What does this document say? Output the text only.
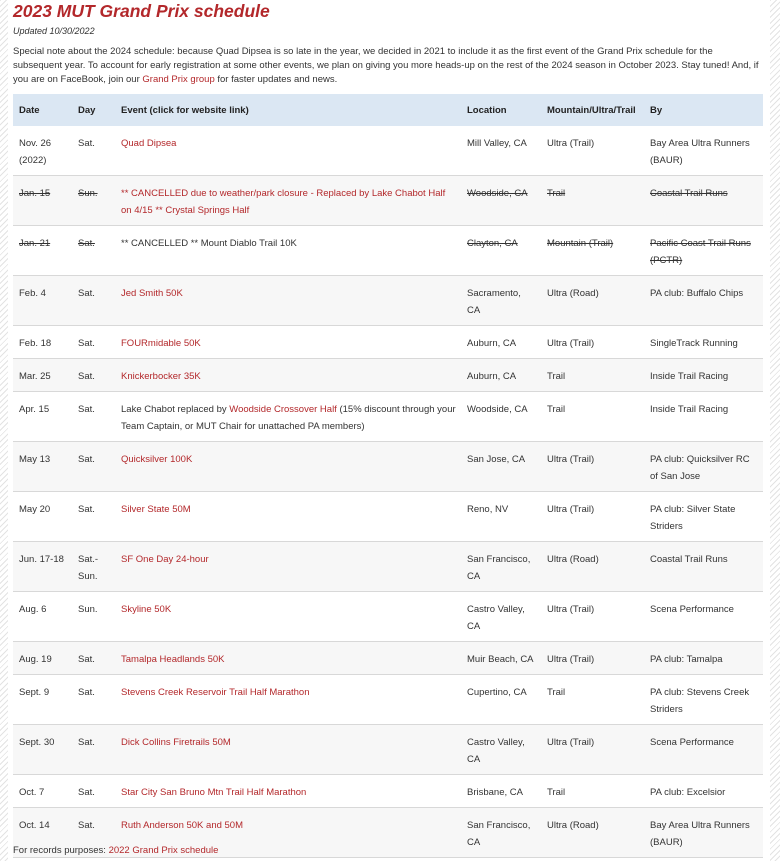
2023 MUT Grand Prix schedule
Updated 10/30/2022
Special note about the 2024 schedule: because Quad Dipsea is so late in the year, we decided in 2021 to include it as the first event of the Grand Prix schedule for the subsequent year. To account for early registration at some other events, we plan on giving you more heads-up on the rest of the 2024 season in October 2023. Stay tuned! And, if you are on FaceBook, join our Grand Prix group for faster updates and news.
Date	Day	Event (click for website link)	Location	Mountain/Ultra/Trail	By
Nov. 26 (2022)	Sat.	Quad Dipsea	Mill Valley, CA	Ultra (Trail)	Bay Area Ultra Runners (BAUR)
Jan. 15	Sun.	** CANCELLED due to weather/park closure - Replaced by Lake Chabot Half on 4/15 ** Crystal Springs Half	Woodside, CA	Trail	Coastal Trail Runs
Jan. 21	Sat.	** CANCELLED ** Mount Diablo Trail 10K	Clayton, CA	Mountain (Trail)	Pacific Coast Trail Runs (PCTR)
Feb. 4	Sat.	Jed Smith 50K	Sacramento, CA	Ultra (Road)	PA club: Buffalo Chips
Feb. 18	Sat.	FOURmidable 50K	Auburn, CA	Ultra (Trail)	SingleTrack Running
Mar. 25	Sat.	Knickerbocker 35K	Auburn, CA	Trail	Inside Trail Racing
Apr. 15	Sat.	Lake Chabot replaced by Woodside Crossover Half (15% discount through your Team Captain, or MUT Chair for unattached PA members)	Woodside, CA	Trail	Inside Trail Racing
May 13	Sat.	Quicksilver 100K	San Jose, CA	Ultra (Trail)	PA club: Quicksilver RC of San Jose
May 20	Sat.	Silver State 50M	Reno, NV	Ultra (Trail)	PA club: Silver State Striders
Jun. 17-18	Sat.-Sun.	SF One Day 24-hour	San Francisco, CA	Ultra (Road)	Coastal Trail Runs
Aug. 6	Sun.	Skyline 50K	Castro Valley, CA	Ultra (Trail)	Scena Performance
Aug. 19	Sat.	Tamalpa Headlands 50K	Muir Beach, CA	Ultra (Trail)	PA club: Tamalpa
Sept. 9	Sat.	Stevens Creek Reservoir Trail Half Marathon	Cupertino, CA	Trail	PA club: Stevens Creek Striders
Sept. 30	Sat.	Dick Collins Firetrails 50M	Castro Valley, CA	Ultra (Trail)	Scena Performance
Oct. 7	Sat.	Star City San Bruno Mtn Trail Half Marathon	Brisbane, CA	Trail	PA club: Excelsior
Oct. 14	Sat.	Ruth Anderson 50K and 50M	San Francisco, CA	Ultra (Road)	Bay Area Ultra Runners (BAUR)
For records purposes: 2022 Grand Prix schedule
